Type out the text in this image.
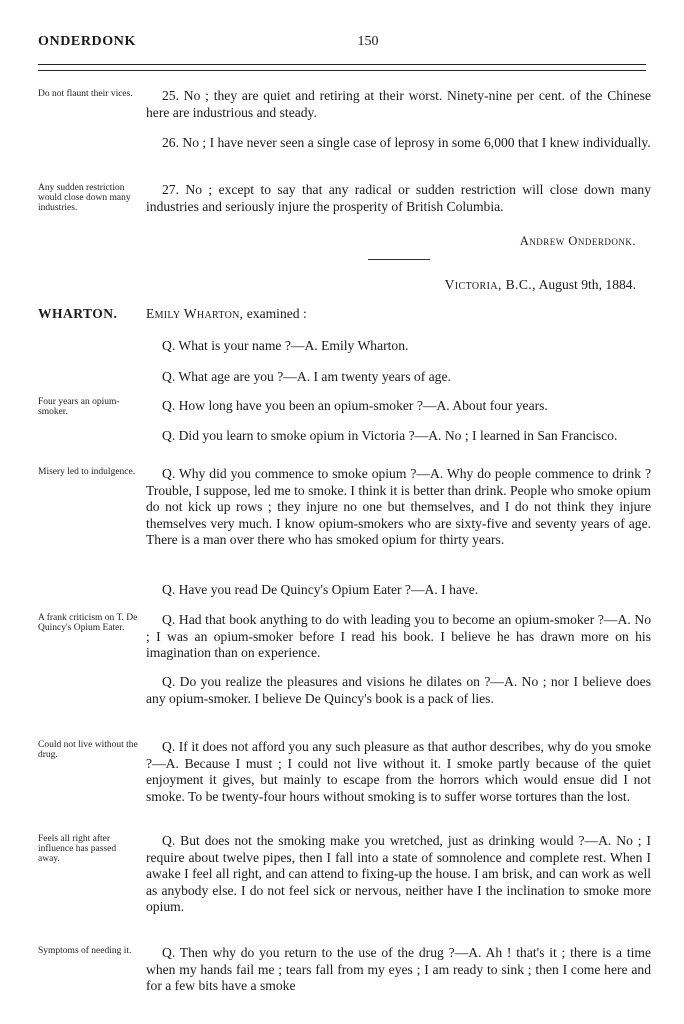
ONDERDONK	150
Do not flaunt their vices.	25. No ; they are quiet and retiring at their worst. Ninety-nine per cent. of the Chinese here are industrious and steady.
26. No ; I have never seen a single case of leprosy in some 6,000 that I knew individually.
Any sudden restriction would close down many industries.
27. No ; except to say that any radical or sudden restriction will close down many industries and seriously injure the prosperity of British Columbia.
Andrew Onderdonk.
Victoria, B.C., August 9th, 1884.
WHARTON. Emily Wharton, examined :
Q. What is your name ?—A. Emily Wharton.
Q. What age are you ?—A. I am twenty years of age.
Four years an opium-smoker.	Q. How long have you been an opium-smoker ?—A. About four years.
Q. Did you learn to smoke opium in Victoria ?—A. No ; I learned in San Francisco.
Misery led to indulgence.	Q. Why did you commence to smoke opium ?—A. Why do people commence to drink ? Trouble, I suppose, led me to smoke. I think it is better than drink. People who smoke opium do not kick up rows ; they injure no one but themselves, and I do not think they injure themselves very much. I know opium-smokers who are sixty-five and seventy years of age. There is a man over there who has smoked opium for thirty years.
Q. Have you read De Quincy's Opium Eater ?—A. I have.
A frank criticism on T. De Quincy's Opium Eater.
Q. Had that book anything to do with leading you to become an opium-smoker ?—A. No ; I was an opium-smoker before I read his book. I believe he has drawn more on his imagination than on experience.
Q. Do you realize the pleasures and visions he dilates on ?—A. No ; nor I believe does any opium-smoker. I believe De Quincy's book is a pack of lies.
Could not live without the drug.
Q. If it does not afford you any such pleasure as that author describes, why do you smoke ?—A. Because I must ; I could not live without it. I smoke partly because of the quiet enjoyment it gives, but mainly to escape from the horrors which would ensue did I not smoke. To be twenty-four hours without smoking is to suffer worse tortures than the lost.
Feels all right after influence has passed away.
Q. But does not the smoking make you wretched, just as drinking would ?—A. No ; I require about twelve pipes, then I fall into a state of somnolence and complete rest. When I awake I feel all right, and can attend to fixing-up the house. I am brisk, and can work as well as anybody else. I do not feel sick or nervous, neither have I the inclination to smoke more opium.
Symptoms of needing it.	Q. Then why do you return to the use of the drug ?—A. Ah ! that's it ; there is a time when my hands fail me ; tears fall from my eyes ; I am ready to sink ; then I come here and for a few bits have a smoke
